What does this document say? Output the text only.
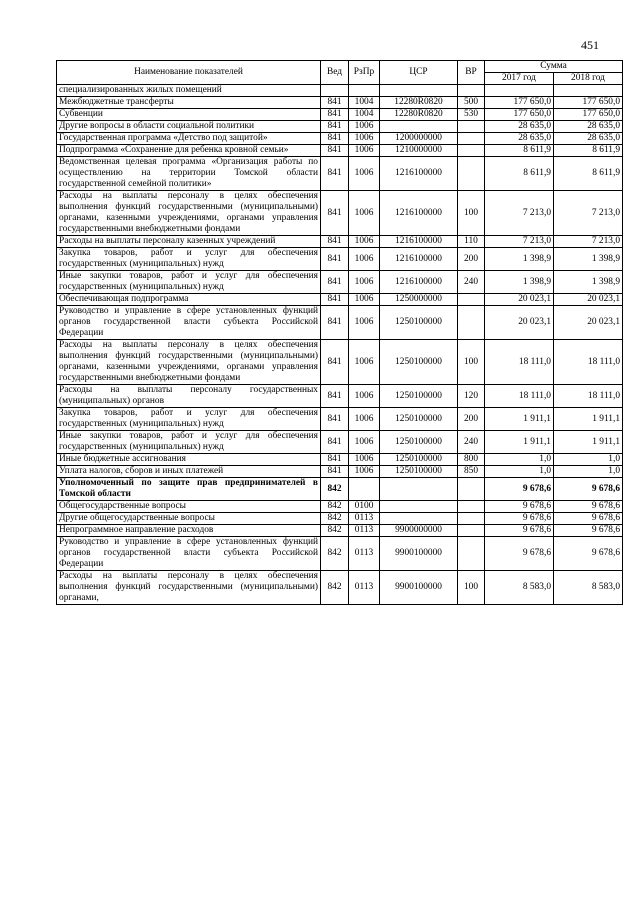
451
Наименование показателей	Вед	РзПр	ЦСР	ВР	Сумма	
					2017 год	2018 год
специализированных жилых помещений						
Межбюджетные трансферты	841	1004	12280R0820	500	177 650,0	177 650,0
Субвенции	841	1004	12280R0820	530	177 650,0	177 650,0
Другие вопросы в области социальной политики	841	1006			28 635,0	28 635,0
Государственная программа «Детство под защитой»	841	1006	1200000000		28 635,0	28 635,0
Подпрограмма «Сохранение для ребенка кровной семьи»	841	1006	1210000000		8 611,9	8 611,9
Ведомственная целевая программа «Организация работы по осуществлению на территории Томской области государственной семейной политики»	841	1006	1216100000		8 611,9	8 611,9
Расходы на выплаты персоналу в целях обеспечения выполнения функций государственными (муниципальными) органами, казенными учреждениями, органами управления государственными внебюджетными фондами	841	1006	1216100000	100	7 213,0	7 213,0
Расходы на выплаты персоналу казенных учреждений	841	1006	1216100000	110	7 213,0	7 213,0
Закупка товаров, работ и услуг для обеспечения государственных (муниципальных) нужд	841	1006	1216100000	200	1 398,9	1 398,9
Иные закупки товаров, работ и услуг для обеспечения государственных (муниципальных) нужд	841	1006	1216100000	240	1 398,9	1 398,9
Обеспечивающая подпрограмма	841	1006	1250000000		20 023,1	20 023,1
Руководство и управление в сфере установленных функций органов государственной власти субъекта Российской Федерации	841	1006	1250100000		20 023,1	20 023,1
Расходы на выплаты персоналу в целях обеспечения выполнения функций государственными (муниципальными) органами, казенными учреждениями, органами управления государственными внебюджетными фондами	841	1006	1250100000	100	18 111,0	18 111,0
Расходы на выплаты персоналу государственных (муниципальных) органов	841	1006	1250100000	120	18 111,0	18 111,0
Закупка товаров, работ и услуг для обеспечения государственных (муниципальных) нужд	841	1006	1250100000	200	1 911,1	1 911,1
Иные закупки товаров, работ и услуг для обеспечения государственных (муниципальных) нужд	841	1006	1250100000	240	1 911,1	1 911,1
Иные бюджетные ассигнования	841	1006	1250100000	800	1,0	1,0
Уплата налогов, сборов и иных платежей	841	1006	1250100000	850	1,0	1,0
Уполномоченный по защите прав предпринимателей в Томской области	842				9 678,6	9 678,6
Общегосударственные вопросы	842	0100			9 678,6	9 678,6
Другие общегосударственные вопросы	842	0113			9 678,6	9 678,6
Непрограммное направление расходов	842	0113	9900000000		9 678,6	9 678,6
Руководство и управление в сфере установленных функций органов государственной власти субъекта Российской Федерации	842	0113	9900100000		9 678,6	9 678,6
Расходы на выплаты персоналу в целях обеспечения выполнения функций государственными (муниципальными) органами,	842	0113	9900100000	100	8 583,0	8 583,0
